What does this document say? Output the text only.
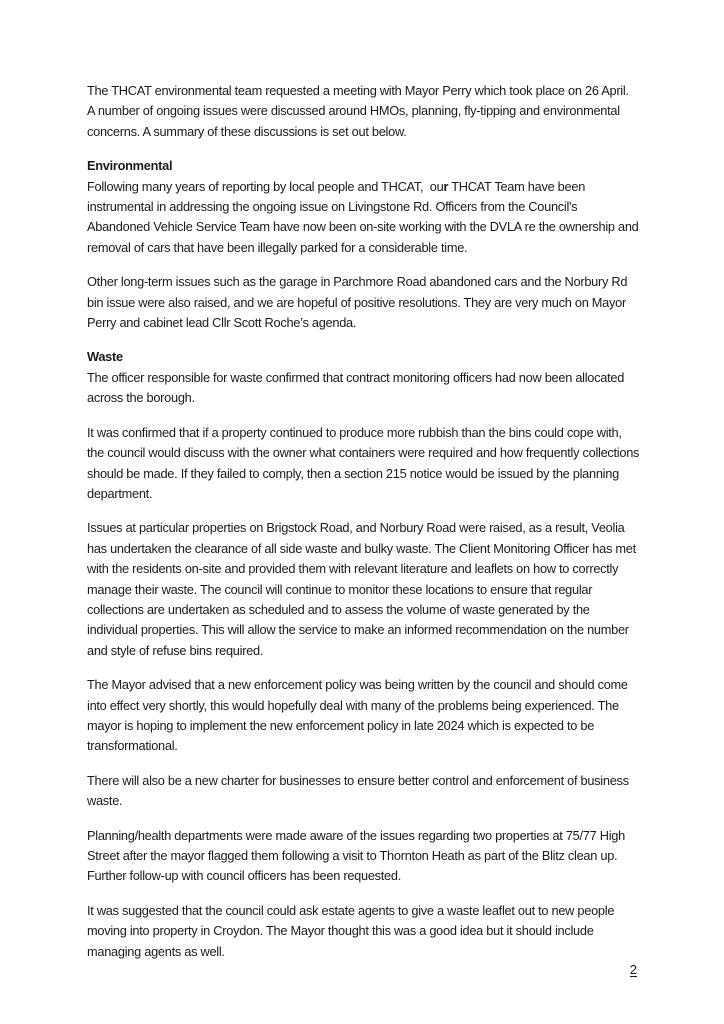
The THCAT environmental team requested a meeting with Mayor Perry which took place on 26 April.  A number of ongoing issues were discussed around HMOs, planning, fly-tipping and environmental concerns. A summary of these discussions is set out below.
Environmental
Following many years of reporting by local people and THCAT,  our THCAT Team have been instrumental in addressing the ongoing issue on Livingstone Rd. Officers from the Council's Abandoned Vehicle Service Team have now been on-site working with the DVLA re the ownership and removal of cars that have been illegally parked for a considerable time.
Other long-term issues such as the garage in Parchmore Road abandoned cars and the Norbury Rd bin issue were also raised, and we are hopeful of positive resolutions. They are very much on Mayor Perry and cabinet lead Cllr Scott Roche’s agenda.
Waste
The officer responsible for waste confirmed that contract monitoring officers had now been allocated across the borough.
It was confirmed that if a property continued to produce more rubbish than the bins could cope with, the council would discuss with the owner what containers were required and how frequently collections should be made. If they failed to comply, then a section 215 notice would be issued by the planning department.
Issues at particular properties on Brigstock Road, and Norbury Road were raised, as a result, Veolia has undertaken the clearance of all side waste and bulky waste. The Client Monitoring Officer has met with the residents on-site and provided them with relevant literature and leaflets on how to correctly manage their waste. The council will continue to monitor these locations to ensure that regular collections are undertaken as scheduled and to assess the volume of waste generated by the individual properties. This will allow the service to make an informed recommendation on the number and style of refuse bins required.
The Mayor advised that a new enforcement policy was being written by the council and should come into effect very shortly, this would hopefully deal with many of the problems being experienced. The mayor is hoping to implement the new enforcement policy in late 2024 which is expected to be transformational.
There will also be a new charter for businesses to ensure better control and enforcement of business waste.
Planning/health departments were made aware of the issues regarding two properties at 75/77 High Street after the mayor flagged them following a visit to Thornton Heath as part of the Blitz clean up. Further follow-up with council officers has been requested.
It was suggested that the council could ask estate agents to give a waste leaflet out to new people moving into property in Croydon. The Mayor thought this was a good idea but it should include managing agents as well.
2
